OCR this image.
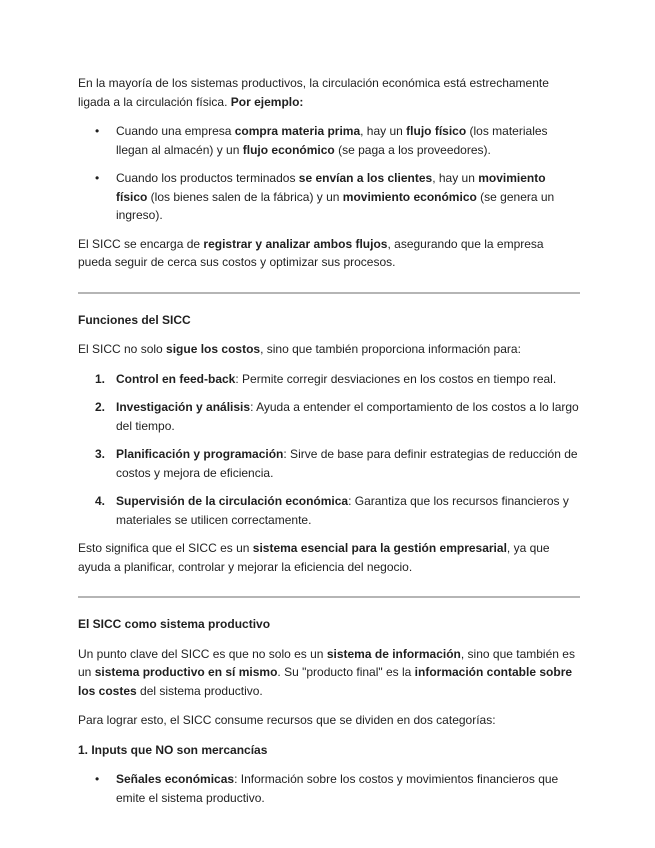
En la mayoría de los sistemas productivos, la circulación económica está estrechamente ligada a la circulación física. Por ejemplo:

• Cuando una empresa compra materia prima, hay un flujo físico (los materiales llegan al almacén) y un flujo económico (se paga a los proveedores).
• Cuando los productos terminados se envían a los clientes, hay un movimiento físico (los bienes salen de la fábrica) y un movimiento económico (se genera un ingreso).

El SICC se encarga de registrar y analizar ambos flujos, asegurando que la empresa pueda seguir de cerca sus costos y optimizar sus procesos.

Funciones del SICC

El SICC no solo sigue los costos, sino que también proporciona información para:

1. Control en feed-back: Permite corregir desviaciones en los costos en tiempo real.
2. Investigación y análisis: Ayuda a entender el comportamiento de los costos a lo largo del tiempo.
3. Planificación y programación: Sirve de base para definir estrategias de reducción de costos y mejora de eficiencia.
4. Supervisión de la circulación económica: Garantiza que los recursos financieros y materiales se utilicen correctamente.

Esto significa que el SICC es un sistema esencial para la gestión empresarial, ya que ayuda a planificar, controlar y mejorar la eficiencia del negocio.

El SICC como sistema productivo

Un punto clave del SICC es que no solo es un sistema de información, sino que también es un sistema productivo en sí mismo. Su "producto final" es la información contable sobre los costes del sistema productivo.

Para lograr esto, el SICC consume recursos que se dividen en dos categorías:

1. Inputs que NO son mercancías

• Señales económicas: Información sobre los costos y movimientos financieros que emite el sistema productivo.
